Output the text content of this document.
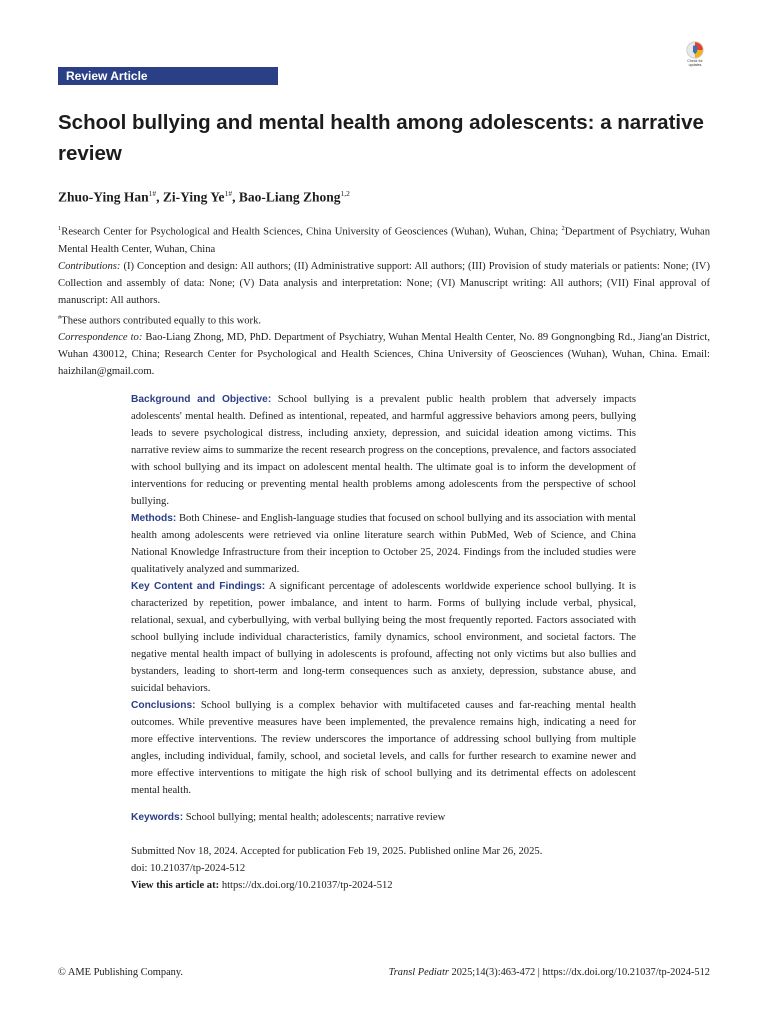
Review Article
Check for
updates
School bullying and mental health among adolescents: a narrative review

Zhuo-Ying Han$^{1\#}$, Zi-Ying $Ye^{1\#}$, Bao-Liang Zhong$^{1,2}$

$^1$Research Center for Psychological and Health Sciences, China University of Geosciences (Wuhan), Wuhan, China; $^2$Department of Psychiatry, Wuhan Mental Health Center, Wuhan, China

Contributions: (I) Conception and design: All authors; (II) Administrative support: All authors; (III) Provision of study materials or patients: None; (IV) Collection and assembly of data: None; (V) Data analysis and interpretation: None; (VI) Manuscript writing: All authors; (VII) Final approval of manuscript: All authors.

#These authors contributed equally to this work.

Correspondence to: Bao-Liang Zhong, MD, PhD. Department of Psychiatry, Wuhan Mental Health Center, No. 89 Gongnongbing Rd., Jiang'an District, Wuhan 430012, China; Research Center for Psychological and Health Sciences, China University of Geosciences (Wuhan), Wuhan, China. Email: haizhilan@gmail.com.

Background and Objective: School bullying is a prevalent public health problem that adversely impacts adolescents' mental health. Defined as intentional, repeated, and harmful aggressive behaviors among peers, bullying leads to severe psychological distress, including anxiety, depression, and suicidal ideation among victims. This narrative review aims to summarize the recent research progress on the conceptions, prevalence, and factors associated with school bullying and its impact on adolescent mental health. The ultimate goal is to inform the development of interventions for reducing or preventing mental health problems among adolescents from the perspective of school bullying.

Methods: Both Chinese- and English-language studies that focused on school bullying and its association with mental health among adolescents were retrieved via online literature search within PubMed, Web of Science, and China National Knowledge Infrastructure from their inception to October 25, 2024. Findings from the included studies were qualitatively analyzed and summarized.

Key Content and Findings: A significant percentage of adolescents worldwide experience school bullying. It is characterized by repetition, power imbalance, and intent to harm. Forms of bullying include verbal, physical, relational, sexual, and cyberbullying, with verbal bullying being the most frequently reported. Factors associated with school bullying include individual characteristics, family dynamics, school environment, and societal factors. The negative mental health impact of bullying in adolescents is profound, affecting not only victims but also bullies and bystanders, leading to short-term and long-term consequences such as anxiety, depression, substance abuse, and suicidal behaviors.

Conclusions: School bullying is a complex behavior with multifaceted causes and far-reaching mental health outcomes. While preventive measures have been implemented, the prevalence remains high, indicating a need for more effective interventions. The review underscores the importance of addressing school bullying from multiple angles, including individual, family, school, and societal levels, and calls for further research to examine newer and more effective interventions to mitigate the high risk of school bullying and its detrimental effects on adolescent mental health.

Keywords: School bullying; mental health; adolescents; narrative review

Submitted Nov 18, 2024. Accepted for publication Feb 19, 2025. Published online Mar 26, 2025.

doi: 10.21037/tp-2024-512

View this article at: https://dx.doi.org/10.21037/tp-2024-512

© AME Publishing Company.	Transl Pediatr 2025;14(3):463-472 | https://dx.doi.org/10.21037/tp-2024-512
